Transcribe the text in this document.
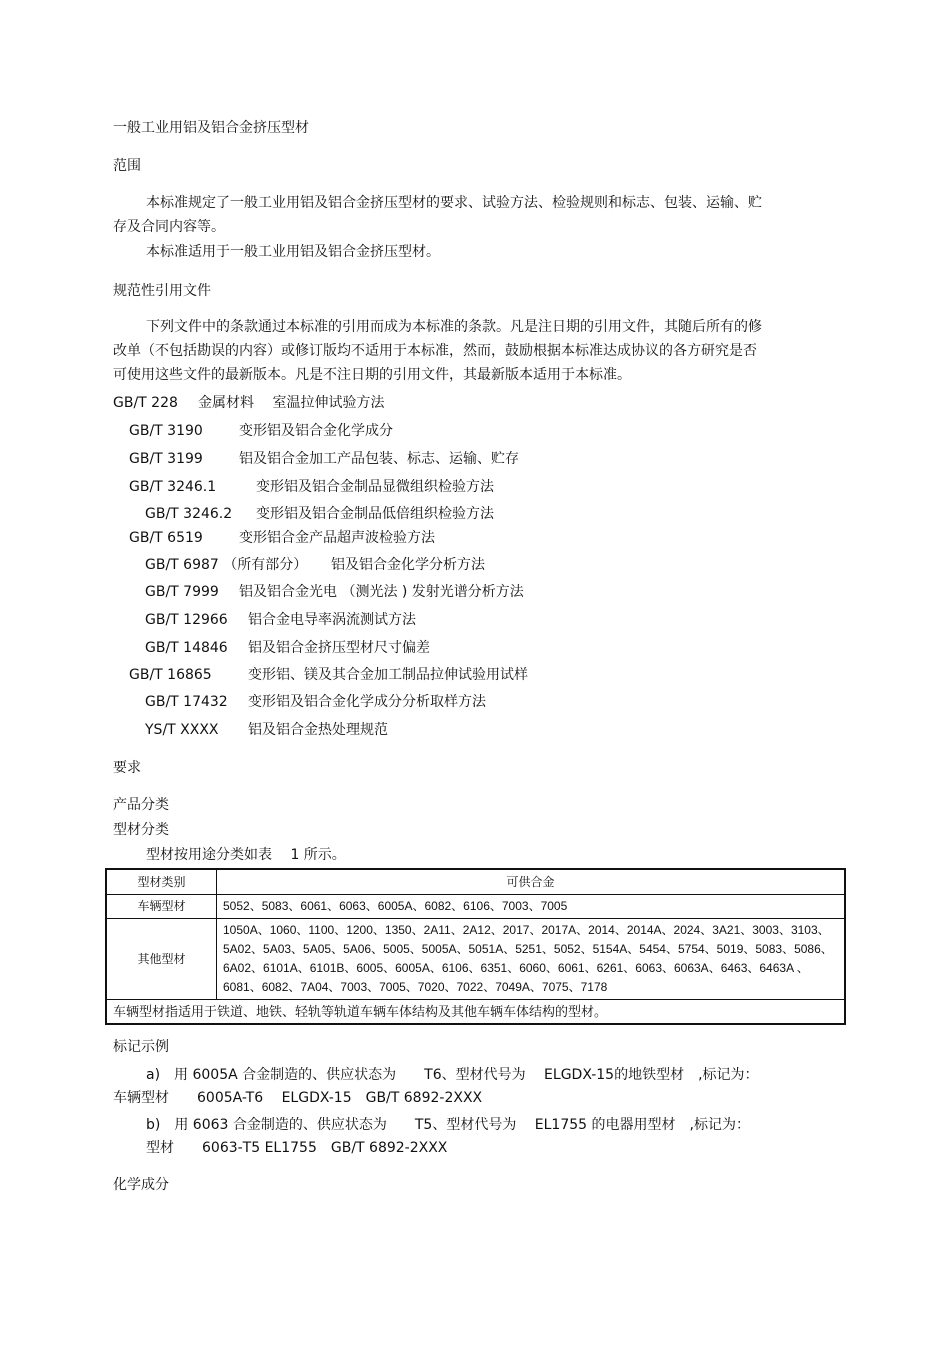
一般工业用铝及铝合金挤压型材
范围
本标准规定了一般工业用铝及铝合金挤压型材的要求、试验方法、检验规则和标志、包装、运输、贮存及合同内容等。
本标准适用于一般工业用铝及铝合金挤压型材。
规范性引用文件
下列文件中的条款通过本标准的引用而成为本标准的条款。凡是注日期的引用文件，其随后所有的修改单（不包括勘误的内容）或修订版均不适用于本标准，然而，鼓励根据本标准达成协议的各方研究是否可使用这些文件的最新版本。凡是不注日期的引用文件，其最新版本适用于本标准。
GB/T 228 金属材料　 室温拉伸试验方法
GB/T 3190	变形铝及铝合金化学成分
GB/T 3199	铝及铝合金加工产品包装、标志、运输、贮存
GB/T 3246.1	变形铝及铝合金制品显微组织检验方法
GB/T 3246.2 变形铝及铝合金制品低倍组织检验方法
GB/T 6519	变形铝合金产品超声波检验方法
GB/T 6987 （所有部分） 铝及铝合金化学分析方法
GB/T 7999 铝及铝合金光电 （测光法 ) 发射光谱分析方法
GB/T 12966 铝合金电导率涡流测试方法
GB/T 14846 铝及铝合金挤压型材尺寸偏差
GB/T 16865	变形铝、镁及其合金加工制品拉伸试验用试样
GB/T 17432 变形铝及铝合金化学成分分析取样方法
YS/T XXXX 铝及铝合金热处理规范
要求
产品分类
型材分类
型材按用途分类如表　 1 所示。
型材类别	可供合金
车辆型材	5052、5083、6061、6063、6005A、6082、6106、7003、7005
其他型材	1050A、1060、1100、1200、1350、2A11、2A12、2017、2017A、2014、2014A、2024、3A21、3003、3103、5A02、5A03、5A05、5A06、5005、5005A、5051A、5251、5052、5154A、5454、5754、5019、5083、5086、6A02、6101A、6101B、6005、6005A、6106、6351、6060、6061、6261、6063、6063A、6463、6463A 、6081、6082、7A04、7003、7005、7020、7022、7049A、7075、7178
车辆型材指适用于铁道、地铁、轻轨等轨道车辆车体结构及其他车辆车体结构的型材。	
标记示例
a)　用 6005A 合金制造的、供应状态为　　T6、型材代号为　 ELGDX-15的地铁型材　,标记为：
车辆型材　　6005A-T6　 ELGDX-15　GB/T 6892-2XXX
b)　用 6063 合金制造的、供应状态为　　T5、型材代号为　 EL1755 的电器用型材　,标记为：
型材　　6063-T5 EL1755　GB/T 6892-2XXX
化学成分
